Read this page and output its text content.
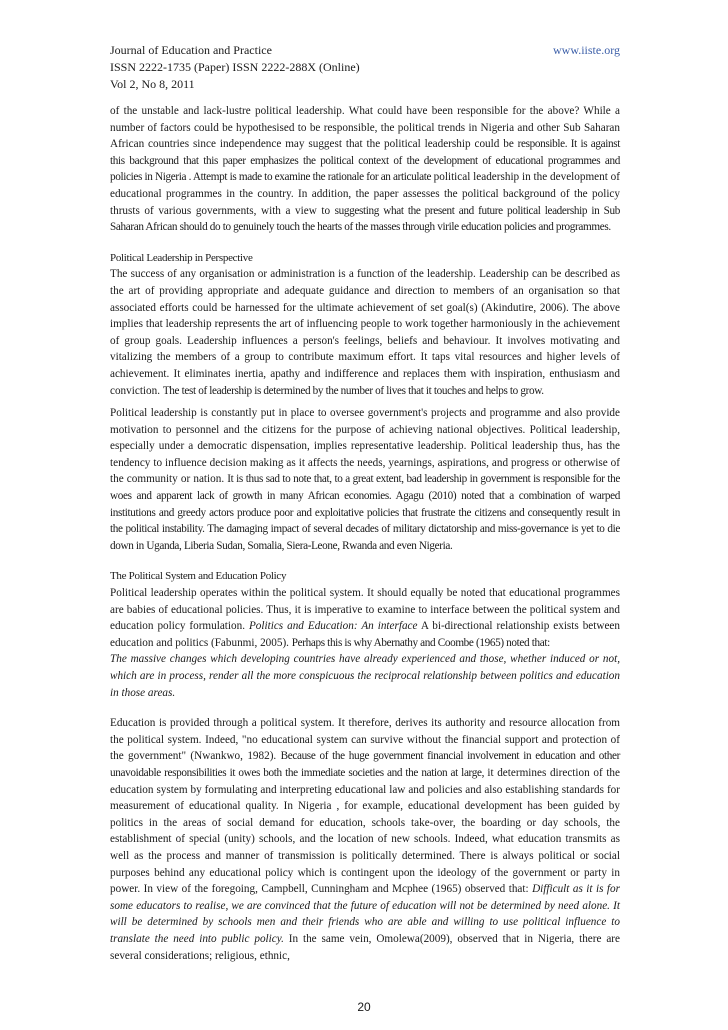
Journal of Education and Practice	www.iiste.org
ISSN 2222-1735 (Paper) ISSN 2222-288X (Online)
Vol 2, No 8, 2011

of the unstable and lack-lustre political leadership. What could have been responsible for the above? While a number of factors could be hypothesised to be responsible, the political trends in Nigeria and other Sub Saharan African countries since independence may suggest that the political leadership could be responsible. It is against this background that this paper emphasizes the political context of the development of educational programmes and policies in Nigeria . Attempt is made to examine the rationale for an articulate political leadership in the development of educational programmes in the country. In addition, the paper assesses the political background of the policy thrusts of various governments, with a view to suggesting what the present and future political leadership in Sub Saharan African should do to genuinely touch the hearts of the masses through virile education policies and programmes.

Political Leadership in Perspective

The success of any organisation or administration is a function of the leadership. Leadership can be described as the art of providing appropriate and adequate guidance and direction to members of an organisation so that associated efforts could be harnessed for the ultimate achievement of set goal(s) (Akindutire, 2006). The above implies that leadership represents the art of influencing people to work together harmoniously in the achievement of group goals. Leadership influences a person's feelings, beliefs and behaviour. It involves motivating and vitalizing the members of a group to contribute maximum effort. It taps vital resources and higher levels of achievement. It eliminates inertia, apathy and indifference and replaces them with inspiration, enthusiasm and conviction. The test of leadership is determined by the number of lives that it touches and helps to grow.

Political leadership is constantly put in place to oversee government's projects and programme and also provide motivation to personnel and the citizens for the purpose of achieving national objectives. Political leadership, especially under a democratic dispensation, implies representative leadership. Political leadership thus, has the tendency to influence decision making as it affects the needs, yearnings, aspirations, and progress or otherwise of the community or nation. It is thus sad to note that, to a great extent, bad leadership in government is responsible for the woes and apparent lack of growth in many African economies. Agagu (2010) noted that a combination of warped institutions and greedy actors produce poor and exploitative policies that frustrate the citizens and consequently result in the political instability. The damaging impact of several decades of military dictatorship and miss-governance is yet to die down in Uganda, Liberia Sudan, Somalia, Siera-Leone, Rwanda and even Nigeria.

The Political System and Education Policy

Political leadership operates within the political system. It should equally be noted that educational programmes are babies of educational policies. Thus, it is imperative to examine to interface between the political system and education policy formulation. Politics and Education: An interface A bi-directional relationship exists between education and politics (Fabunmi, 2005). Perhaps this is why Abernathy and Coombe (1965) noted that:

The massive changes which developing countries have already experienced and those, whether induced or not, which are in process, render all the more conspicuous the reciprocal relationship between politics and education in those areas.

Education is provided through a political system. It therefore, derives its authority and resource allocation from the political system. Indeed, "no educational system can survive without the financial support and protection of the government" (Nwankwo, 1982). Because of the huge government financial involvement in education and other unavoidable responsibilities it owes both the immediate societies and the nation at large, it determines direction of the education system by formulating and interpreting educational law and policies and also establishing standards for measurement of educational quality. In Nigeria , for example, educational development has been guided by politics in the areas of social demand for education, schools take-over, the boarding or day schools, the establishment of special (unity) schools, and the location of new schools. Indeed, what education transmits as well as the process and manner of transmission is politically determined. There is always political or social purposes behind any educational policy which is contingent upon the ideology of the government or party in power. In view of the foregoing, Campbell, Cunningham and Mcphee (1965) observed that: Difficult as it is for some educators to realise, we are convinced that the future of education will not be determined by need alone. It will be determined by schools men and their friends who are able and willing to use political influence to translate the need into public policy. In the same vein, Omolewa(2009), observed that in Nigeria, there are several considerations; religious, ethnic,

20
